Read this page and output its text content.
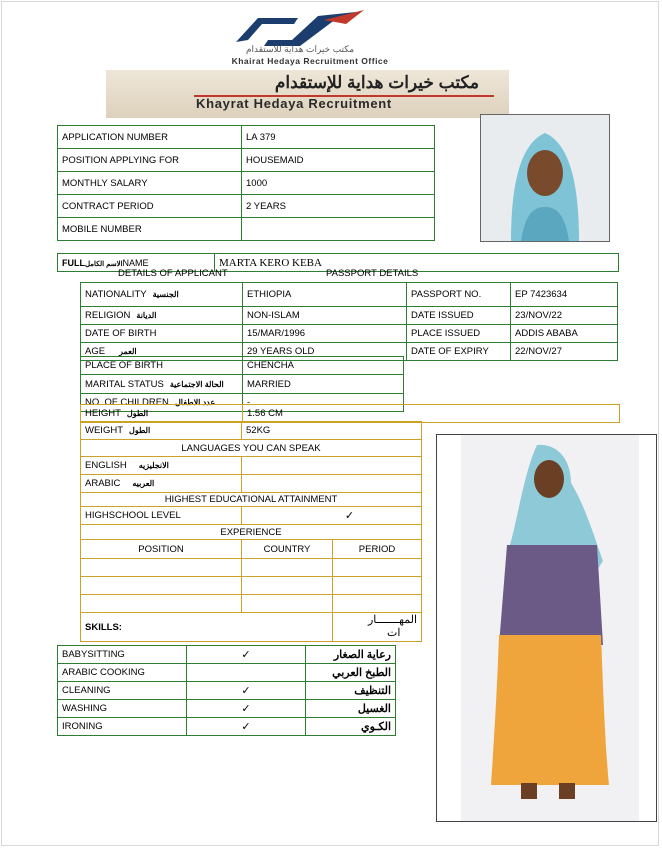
مكتب خيرات هداية للاستقدام
Khairat Hedaya Recruitment Office
مكتب خيرات هداية للإستقدام
Khayrat Hedaya Recruitment
APPLICATION NUMBER	LA 379
POSITION APPLYING FOR	HOUSEMAID
MONTHLY SALARY	1000
CONTRACT PERIOD	2 YEARS
MOBILE NUMBER	
FULLالاسم الكاملNAME	MARTA KERO KEBA
DETAILS OF APPLICANT	PASSPORT DETAILS
NATIONALITY الجنسية	ETHIOPIA	PASSPORT NO.	EP 7423634
RELIGION الديانة	NON-ISLAM	DATE ISSUED	23/NOV/22
DATE OF BIRTH	15/MAR/1996	PLACE ISSUED	ADDIS ABABA
AGE العمر	29 YEARS OLD	DATE OF EXPIRY	22/NOV/27
PLACE OF BIRTH	CHENCHA
MARITAL STATUS الحالة الاجتماعية	MARRIED
NO. OF CHILDREN عدد الاطفال	-
HEIGHT الطول	1.56 CM
WEIGHT الطول	52KG	
LANGUAGES YOU CAN SPEAK		
ENGLISH الانجليزيه		
ARABIC العربيه		
HIGHEST EDUCATIONAL ATTAINMENT		
HIGHSCHOOL LEVEL	✓	
EXPERIENCE		
POSITION	COUNTRY	PERIOD

SKILLS:		المهـــــــار
ات
BABYSITTING	✓	رعاية الصغار
ARABIC COOKING		الطبخ العربي
CLEANING	✓	التنظيف
WASHING	✓	الغسيل
IRONING	✓	الكـوي
